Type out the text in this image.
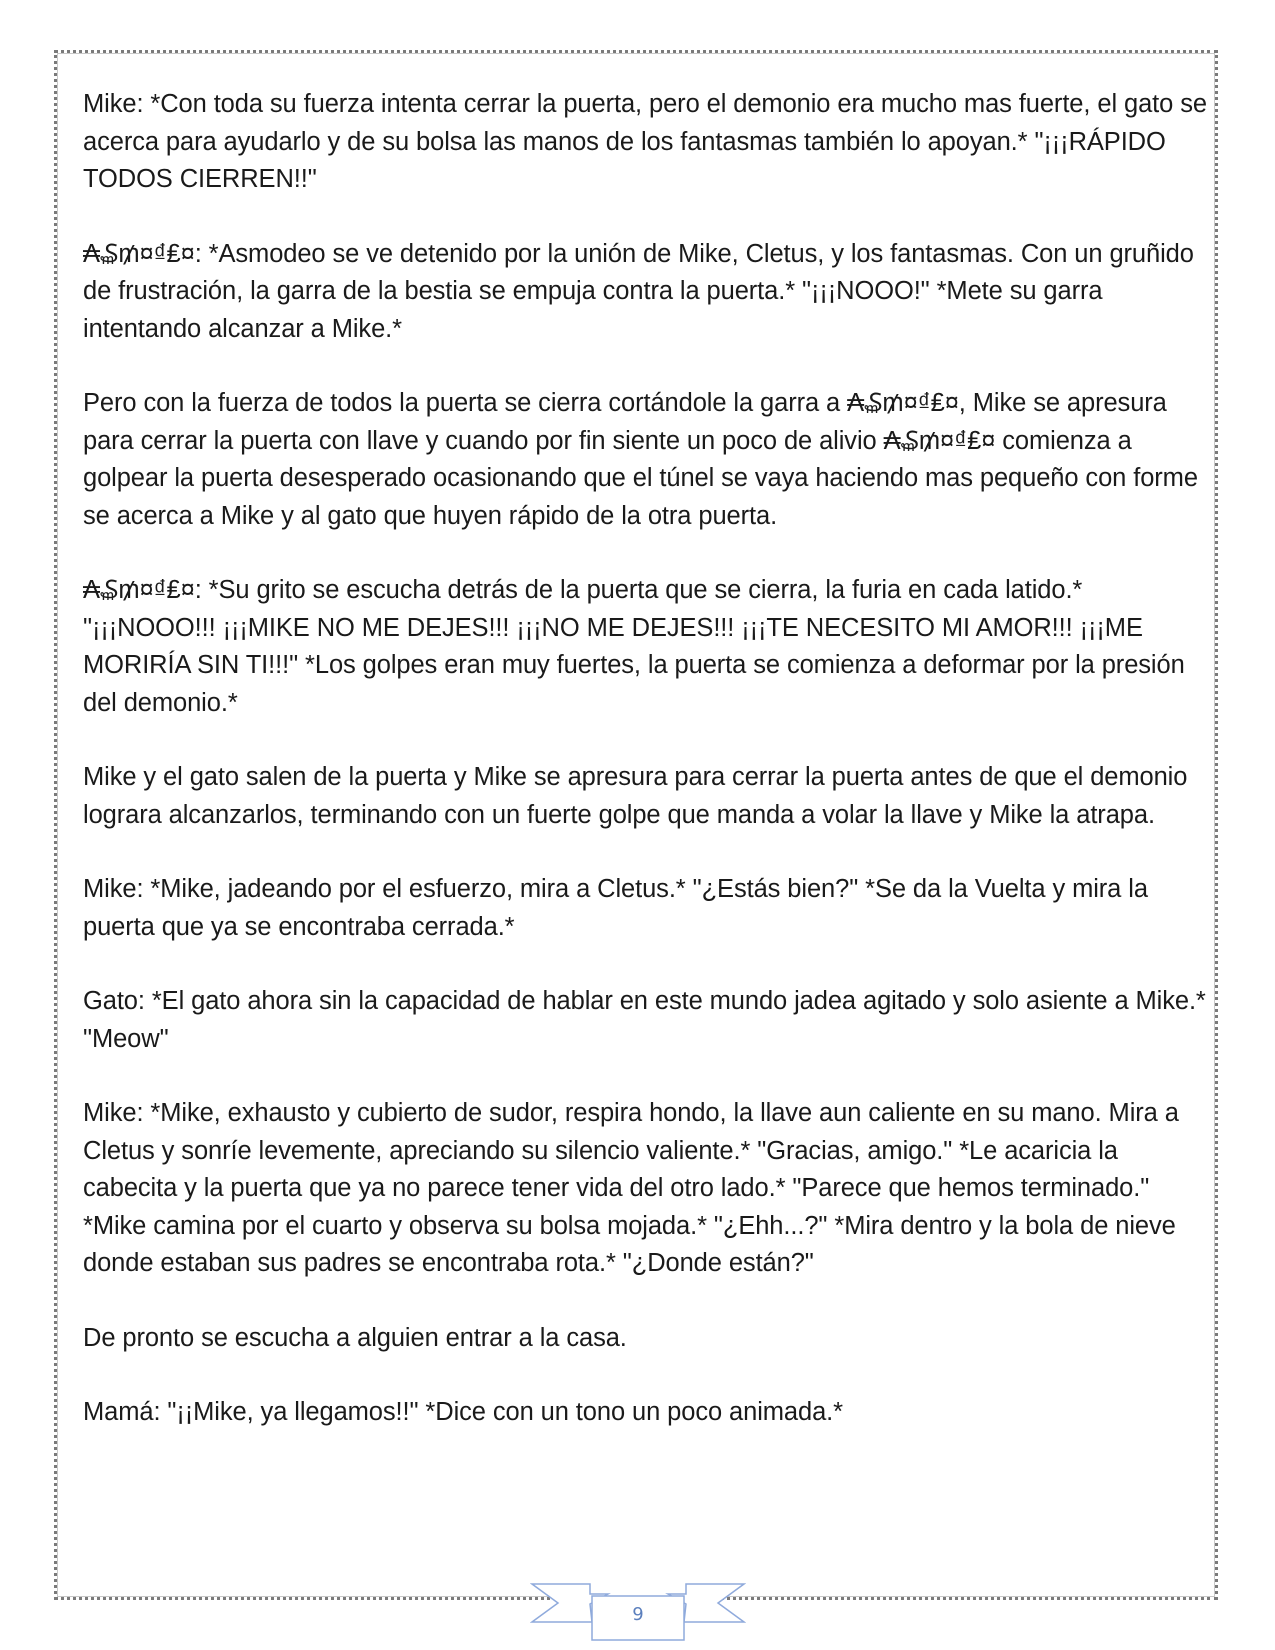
Mike: *Con toda su fuerza intenta cerrar la puerta, pero el demonio era mucho mas fuerte, el gato se acerca para ayudarlo y de su bolsa las manos de los fantasmas también lo apoyan.* "¡¡¡RÁPIDO TODOS CIERREN!!"

₳₷₥¤₫₤¤: *Asmodeo se ve detenido por la unión de Mike, Cletus, y los fantasmas. Con un gruñido de frustración, la garra de la bestia se empuja contra la puerta.* "¡¡¡NOOO!" *Mete su garra intentando alcanzar a Mike.*

Pero con la fuerza de todos la puerta se cierra cortándole la garra a ₳₷₥¤₫₤¤, Mike se apresura para cerrar la puerta con llave y cuando por fin siente un poco de alivio ₳₷₥¤₫₤¤ comienza a golpear la puerta desesperado ocasionando que el túnel se vaya haciendo mas pequeño con forme se acerca a Mike y al gato que huyen rápido de la otra puerta.

₳₷₥¤₫₤¤: *Su grito se escucha detrás de la puerta que se cierra, la furia en cada latido.* "¡¡¡NOOO!!! ¡¡¡MIKE NO ME DEJES!!! ¡¡¡NO ME DEJES!!! ¡¡¡TE NECESITO MI AMOR!!! ¡¡¡ME MORIRÍA SIN TI!!!" *Los golpes eran muy fuertes, la puerta se comienza a deformar por la presión del demonio.*

Mike y el gato salen de la puerta y Mike se apresura para cerrar la puerta antes de que el demonio lograra alcanzarlos, terminando con un fuerte golpe que manda a volar la llave y Mike la atrapa.

Mike: *Mike, jadeando por el esfuerzo, mira a Cletus.* "¿Estás bien?" *Se da la Vuelta y mira la puerta que ya se encontraba cerrada.*

Gato: *El gato ahora sin la capacidad de hablar en este mundo jadea agitado y solo asiente a Mike.* "Meow"

Mike: *Mike, exhausto y cubierto de sudor, respira hondo, la llave aun caliente en su mano. Mira a Cletus y sonríe levemente, apreciando su silencio valiente.* "Gracias, amigo." *Le acaricia la cabecita y la puerta que ya no parece tener vida del otro lado.* "Parece que hemos terminado." *Mike camina por el cuarto y observa su bolsa mojada.* "¿Ehh...?" *Mira dentro y la bola de nieve donde estaban sus padres se encontraba rota.* "¿Donde están?"

De pronto se escucha a alguien entrar a la casa.

Mamá: "¡¡Mike, ya llegamos!!" *Dice con un tono un poco animada.*

9
